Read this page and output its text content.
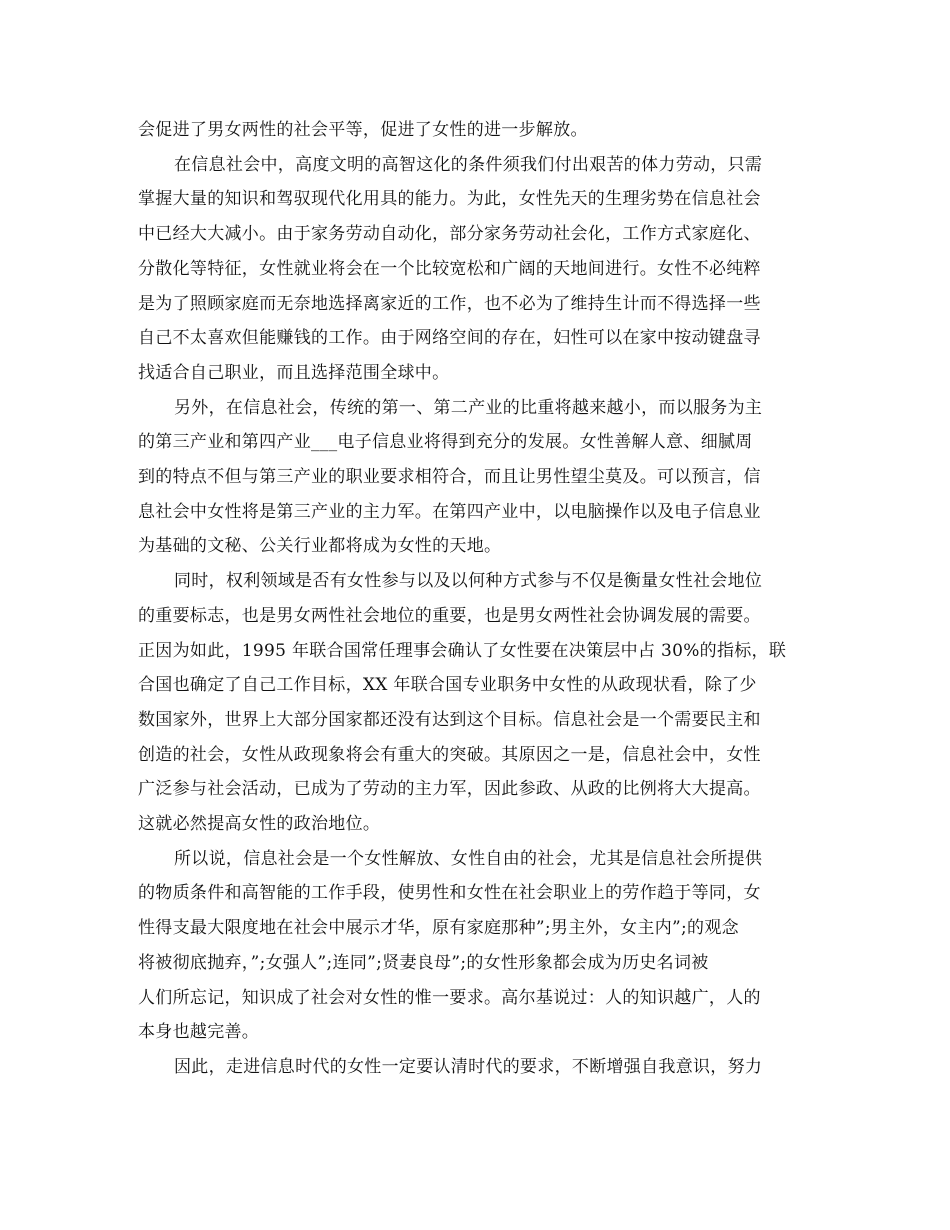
会促进了男女两性的社会平等，促进了女性的进一步解放。
在信息社会中，高度文明的高智这化的条件须我们付出艰苦的体力劳动，只需
掌握大量的知识和驾驭现代化用具的能力。为此，女性先天的生理劣势在信息社会
中已经大大减小。由于家务劳动自动化，部分家务劳动社会化，工作方式家庭化、
分散化等特征，女性就业将会在一个比较宽松和广阔的天地间进行。女性不必纯粹
是为了照顾家庭而无奈地选择离家近的工作，也不必为了维持生计而不得选择一些
自己不太喜欢但能赚钱的工作。由于网络空间的存在，妇性可以在家中按动键盘寻
找适合自己职业，而且选择范围全球中。
另外，在信息社会，传统的第一、第二产业的比重将越来越小，而以服务为主
的第三产业和第四产业___电子信息业将得到充分的发展。女性善解人意、细腻周
到的特点不但与第三产业的职业要求相符合，而且让男性望尘莫及。可以预言，信
息社会中女性将是第三产业的主力军。在第四产业中，以电脑操作以及电子信息业
为基础的文秘、公关行业都将成为女性的天地。
同时，权利领域是否有女性参与以及以何种方式参与不仅是衡量女性社会地位
的重要标志，也是男女两性社会地位的重要，也是男女两性社会协调发展的需要。
正因为如此，1995 年联合国常任理事会确认了女性要在决策层中占 30%的指标，联
合国也确定了自己工作目标，XX 年联合国专业职务中女性的从政现状看，除了少
数国家外，世界上大部分国家都还没有达到这个目标。信息社会是一个需要民主和
创造的社会，女性从政现象将会有重大的突破。其原因之一是，信息社会中，女性
广泛参与社会活动，已成为了劳动的主力军，因此参政、从政的比例将大大提高。
这就必然提高女性的政治地位。
所以说，信息社会是一个女性解放、女性自由的社会，尤其是信息社会所提供
的物质条件和高智能的工作手段，使男性和女性在社会职业上的劳作趋于等同，女
性得支最大限度地在社会中展示才华，原有家庭那种”;男主外，女主内”;的观念
将被彻底抛弃，”;女强人”;连同”;贤妻良母”;的女性形象都会成为历史名词被
人们所忘记，知识成了社会对女性的惟一要求。高尔基说过：人的知识越广，人的
本身也越完善。
因此，走进信息时代的女性一定要认清时代的要求，不断增强自我意识，努力
